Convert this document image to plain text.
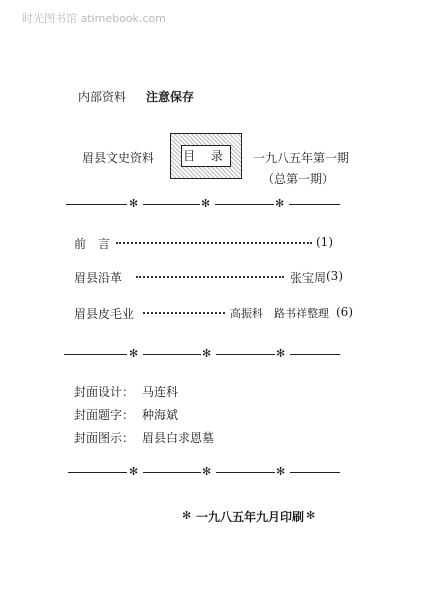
时光图书馆 atimebook.com
内部资料 注意保存
眉县文史资料 目 录 一九八五年第一期
（总第一期）
✻	✻	✻
前　言	(1)
眉县沿革	张宝周 (3)
眉县皮毛业	高振科　路书祥整理 (6)
✻	✻	✻
封面设计： 马连科
封面题字： 种海斌
封面图示： 眉县白求恩墓
✻	✻	✻
✻ 一九八五年九月印刷 ✻
